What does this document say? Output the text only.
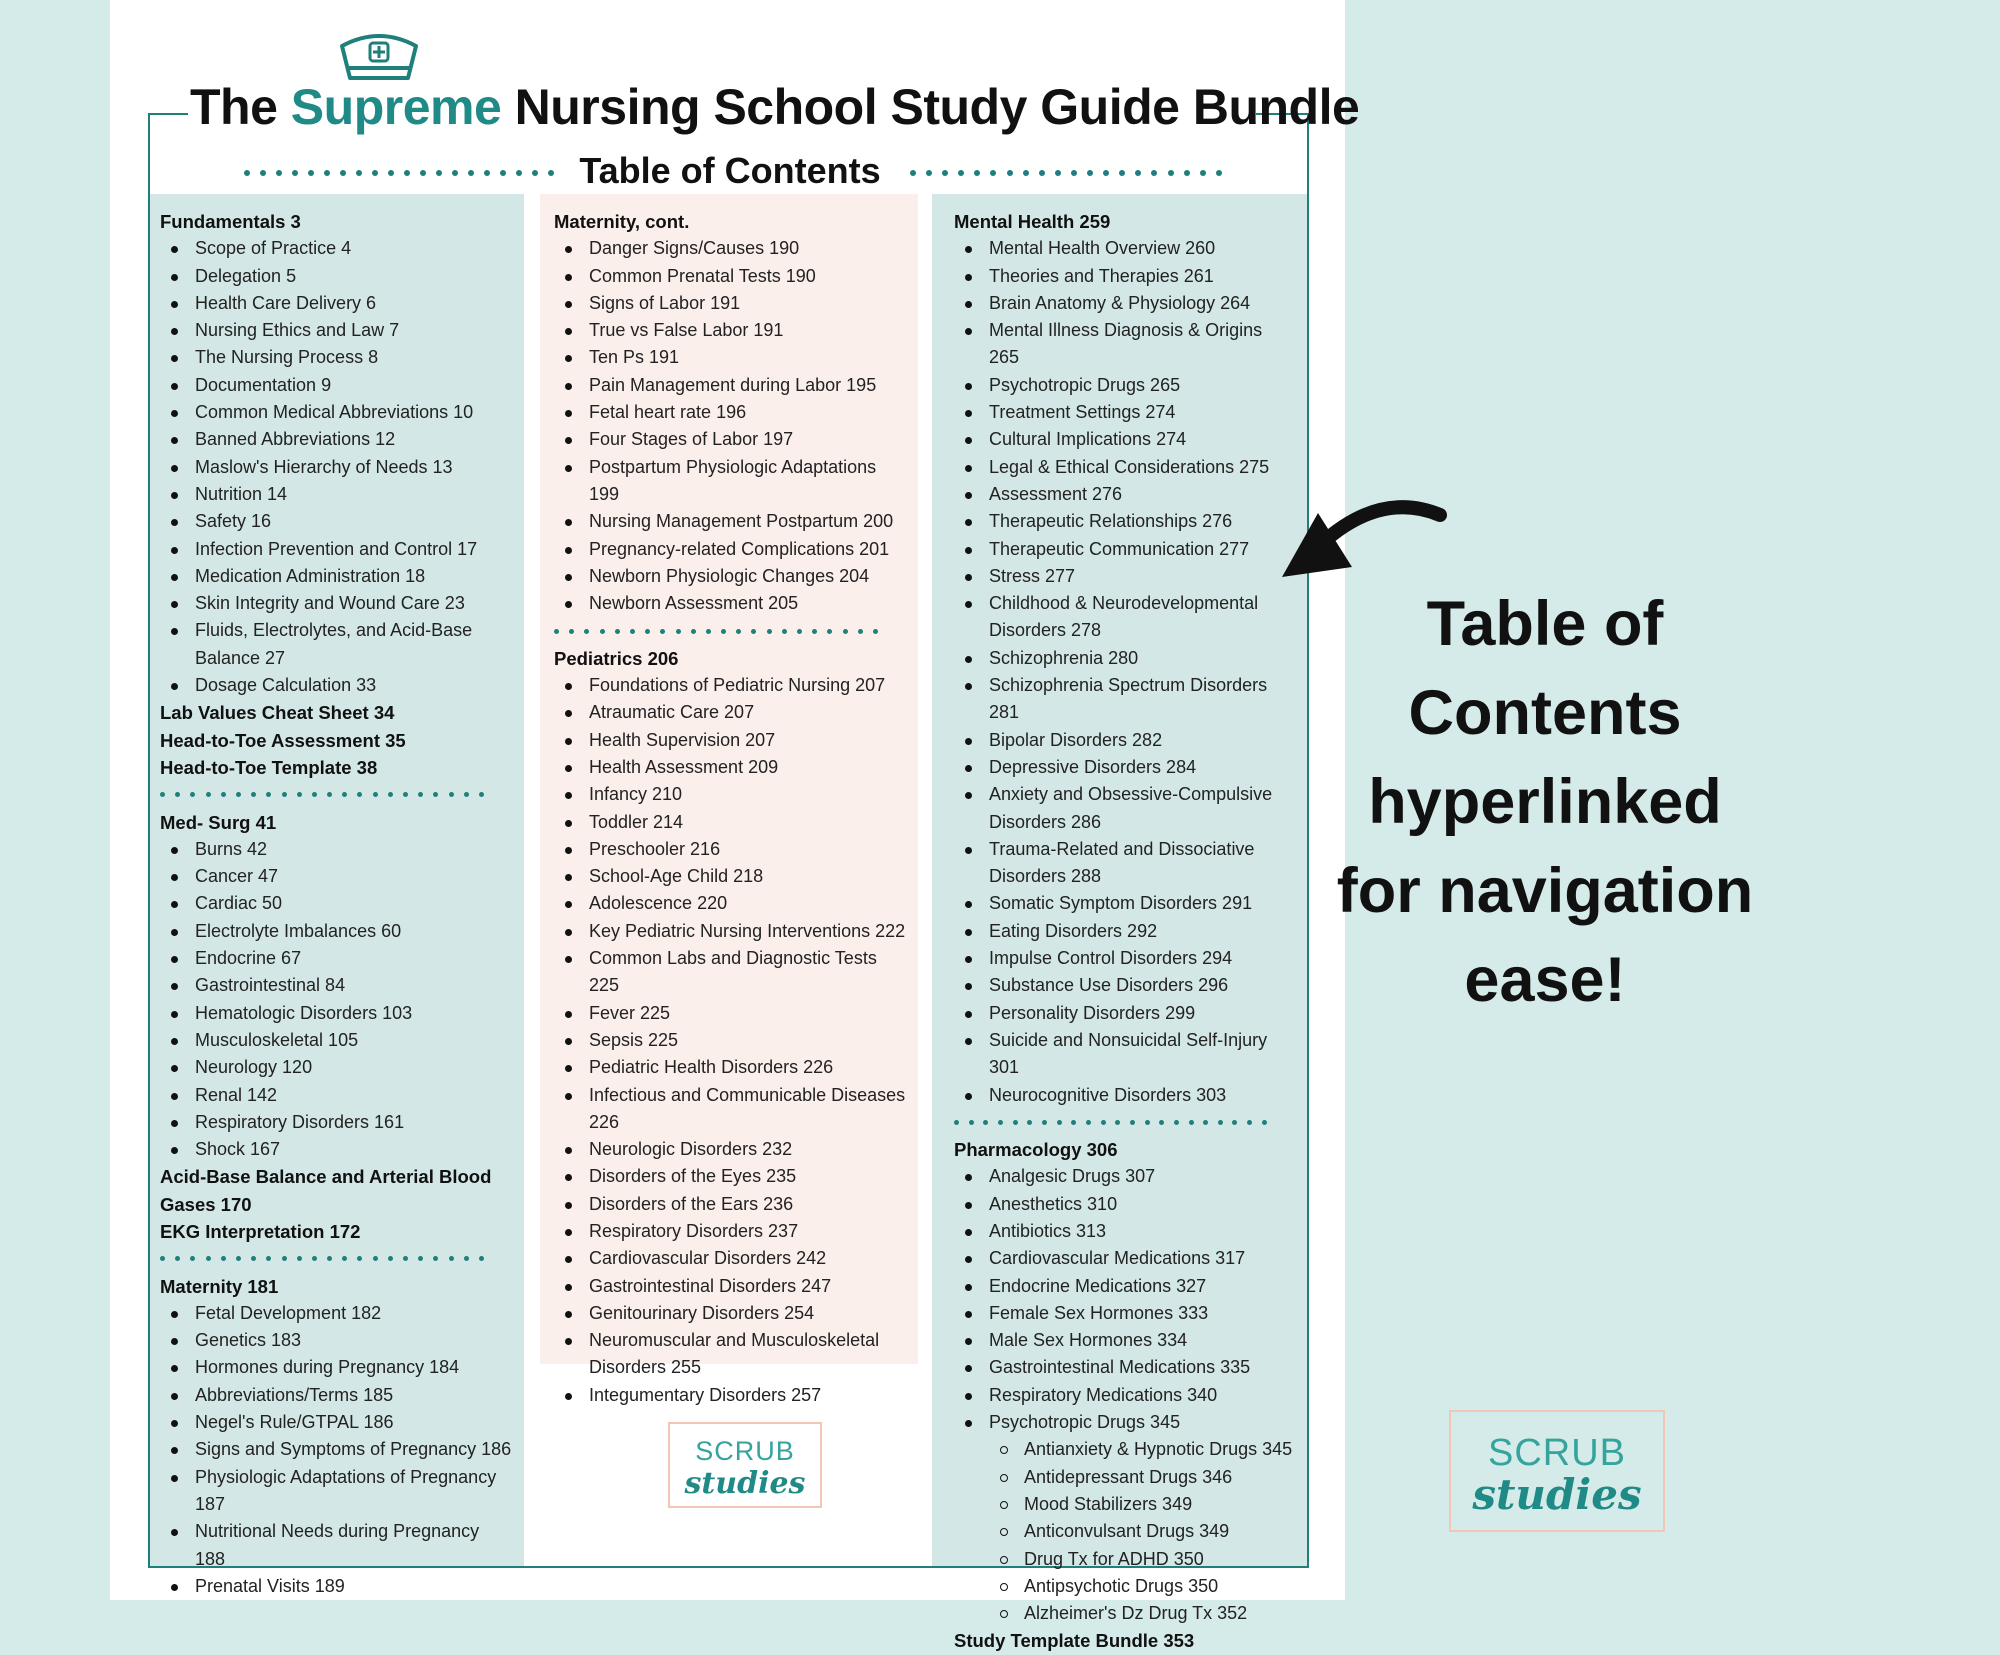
The Supreme Nursing School Study Guide Bundle
Table of Contents
Fundamentals 3
Scope of Practice 4
Delegation 5
Health Care Delivery 6
Nursing Ethics and Law 7
The Nursing Process 8
Documentation 9
Common Medical Abbreviations 10
Banned Abbreviations 12
Maslow's Hierarchy of Needs 13
Nutrition 14
Safety 16
Infection Prevention and Control 17
Medication Administration 18
Skin Integrity and Wound Care 23
Fluids, Electrolytes, and Acid-Base Balance 27
Dosage Calculation 33
Lab Values Cheat Sheet 34
Head-to-Toe Assessment 35
Head-to-Toe Template 38
Med- Surg 41
Burns 42
Cancer 47
Cardiac 50
Electrolyte Imbalances 60
Endocrine 67
Gastrointestinal 84
Hematologic Disorders 103
Musculoskeletal 105
Neurology 120
Renal 142
Respiratory Disorders 161
Shock 167
Acid-Base Balance and Arterial Blood Gases 170
EKG Interpretation 172
Maternity 181
Fetal Development 182
Genetics 183
Hormones during Pregnancy 184
Abbreviations/Terms 185
Negel's Rule/GTPAL 186
Signs and Symptoms of Pregnancy 186
Physiologic Adaptations of Pregnancy 187
Nutritional Needs during Pregnancy 188
Prenatal Visits 189
Maternity, cont.
Danger Signs/Causes 190
Common Prenatal Tests 190
Signs of Labor 191
True vs False Labor 191
Ten Ps 191
Pain Management during Labor 195
Fetal heart rate 196
Four Stages of Labor 197
Postpartum Physiologic Adaptations 199
Nursing Management Postpartum 200
Pregnancy-related Complications 201
Newborn Physiologic Changes 204
Newborn Assessment 205
Pediatrics 206
Foundations of Pediatric Nursing 207
Atraumatic Care 207
Health Supervision 207
Health Assessment 209
Infancy 210
Toddler 214
Preschooler 216
School-Age Child 218
Adolescence 220
Key Pediatric Nursing Interventions 222
Common Labs and Diagnostic Tests 225
Fever 225
Sepsis 225
Pediatric Health Disorders 226
Infectious and Communicable Diseases 226
Neurologic Disorders 232
Disorders of the Eyes 235
Disorders of the Ears 236
Respiratory Disorders 237
Cardiovascular Disorders 242
Gastrointestinal Disorders 247
Genitourinary Disorders 254
Neuromuscular and Musculoskeletal Disorders 255
Integumentary Disorders 257
Mental Health 259
Mental Health Overview 260
Theories and Therapies 261
Brain Anatomy & Physiology 264
Mental Illness Diagnosis & Origins 265
Psychotropic Drugs 265
Treatment Settings 274
Cultural Implications 274
Legal & Ethical Considerations 275
Assessment 276
Therapeutic Relationships 276
Therapeutic Communication 277
Stress 277
Childhood & Neurodevelopmental Disorders 278
Schizophrenia 280
Schizophrenia Spectrum Disorders 281
Bipolar Disorders 282
Depressive Disorders 284
Anxiety and Obsessive-Compulsive Disorders 286
Trauma-Related and Dissociative Disorders 288
Somatic Symptom Disorders 291
Eating Disorders 292
Impulse Control Disorders 294
Substance Use Disorders 296
Personality Disorders 299
Suicide and Nonsuicidal Self-Injury 301
Neurocognitive Disorders 303
Pharmacology 306
Analgesic Drugs 307
Anesthetics 310
Antibiotics 313
Cardiovascular Medications 317
Endocrine Medications 327
Female Sex Hormones 333
Male Sex Hormones 334
Gastrointestinal Medications 335
Respiratory Medications 340
Psychotropic Drugs 345
Antianxiety & Hypnotic Drugs 345
Antidepressant Drugs 346
Mood Stabilizers 349
Anticonvulsant Drugs 349
Drug Tx for ADHD 350
Antipsychotic Drugs 350
Alzheimer's Dz Drug Tx 352
Study Template Bundle 353
SCRUB
studies
Table of
Contents
hyperlinked
for navigation
ease!
SCRUB
studies
